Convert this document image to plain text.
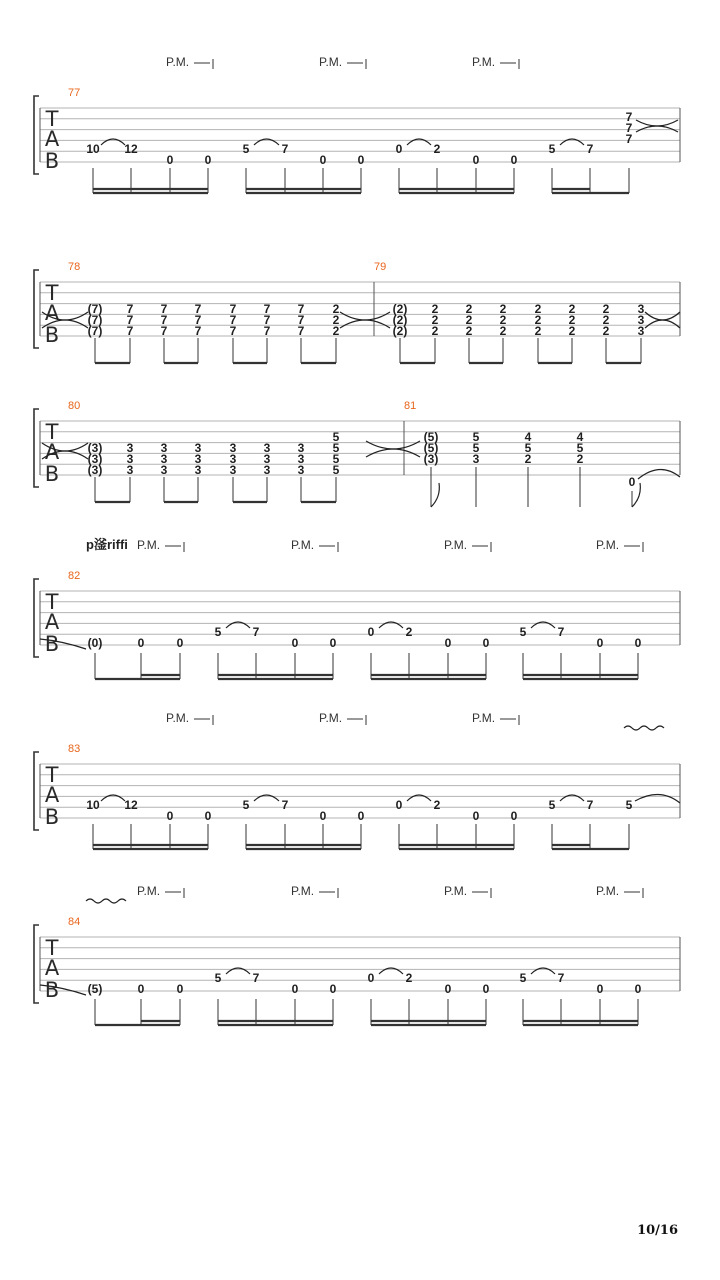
T
A
B
77
10 12
0	0
P.M.
5	7
0	0
P.M.
0	2
0	0
P.M.
5	7
7
7
7
T
A
B
78	79
(7)
(7)
(7)
7
7
7
7
7
7
7
7
7
7
7
7
7
7
7
7
7
7
2
2
2
(2)
(2)
(2)
2
2
2
2
2
2
2
2
2
2
2
2
2
2
2
2
2
2
3
3
3
T
A
B
80	81
(3)
(3)
(3)
3
3
3
3
3
3
3
3
3
3
3
3
3
3
3
3
3
3
5
5
5
5	(5)
(5)
(3)
5
5
3
4
5
2
4
5
2
0
T
A
B
82
(0)	0	0
P.M.
5	7
0	0
P.M.
0	2
0	0
P.M.
5	7
0	0
P.M.
p滏riffi
T
A
B
83
10 12
0	0
P.M.
5	7
0	0
P.M.
0	2
0	0
P.M.
5	7	5
T
A
B
84
(5)	0	0
P.M.
5	7
0	0
P.M.
0	2
0	0
P.M.
5	7
0	0
P.M.
10/16
